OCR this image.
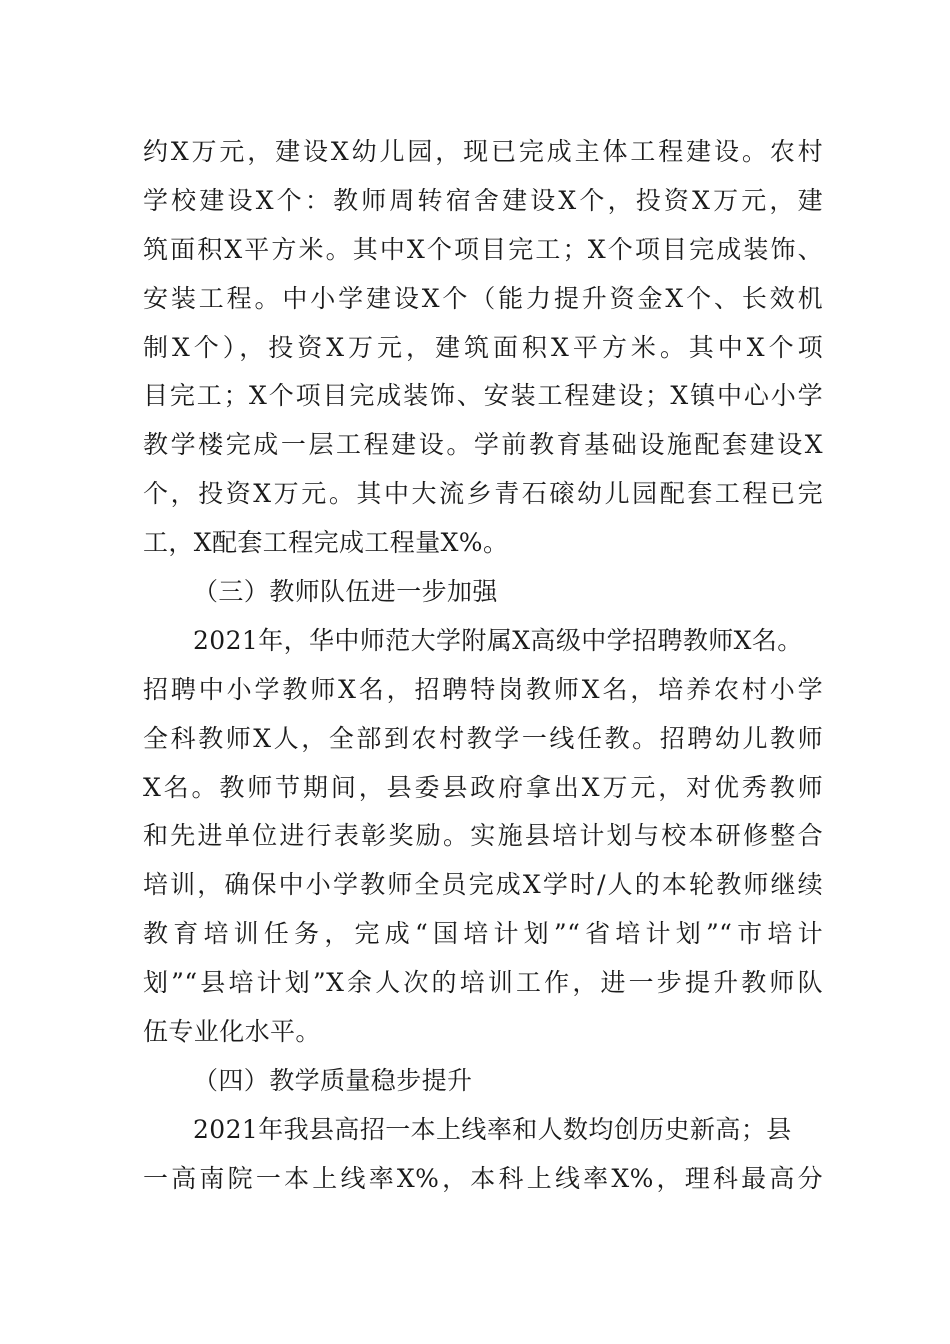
约X万元，建设X幼儿园，现已完成主体工程建设。农村
学校建设X个：教师周转宿舍建设X个，投资X万元，建
筑面积X平方米。其中X个项目完工；X个项目完成装饰、
安装工程。中小学建设X个（能力提升资金X个、长效机
制X个），投资X万元，建筑面积X平方米。其中X个项
目完工；X个项目完成装饰、安装工程建设；X镇中心小学
教学楼完成一层工程建设。学前教育基础设施配套建设X
个，投资X万元。其中大流乡青石磙幼儿园配套工程已完
工，X配套工程完成工程量X%。
（三）教师队伍进一步加强
2021年，华中师范大学附属X高级中学招聘教师X名。
招聘中小学教师X名，招聘特岗教师X名，培养农村小学
全科教师X人，全部到农村教学一线任教。招聘幼儿教师
X名。教师节期间，县委县政府拿出X万元，对优秀教师
和先进单位进行表彰奖励。实施县培计划与校本研修整合
培训，确保中小学教师全员完成X学时/人的本轮教师继续
教育培训任务，完成“国培计划”“省培计划”“市培计
划”“县培计划”X余人次的培训工作，进一步提升教师队
伍专业化水平。
（四）教学质量稳步提升
2021年我县高招一本上线率和人数均创历史新高；县
一高南院一本上线率X%，本科上线率X%，理科最高分
